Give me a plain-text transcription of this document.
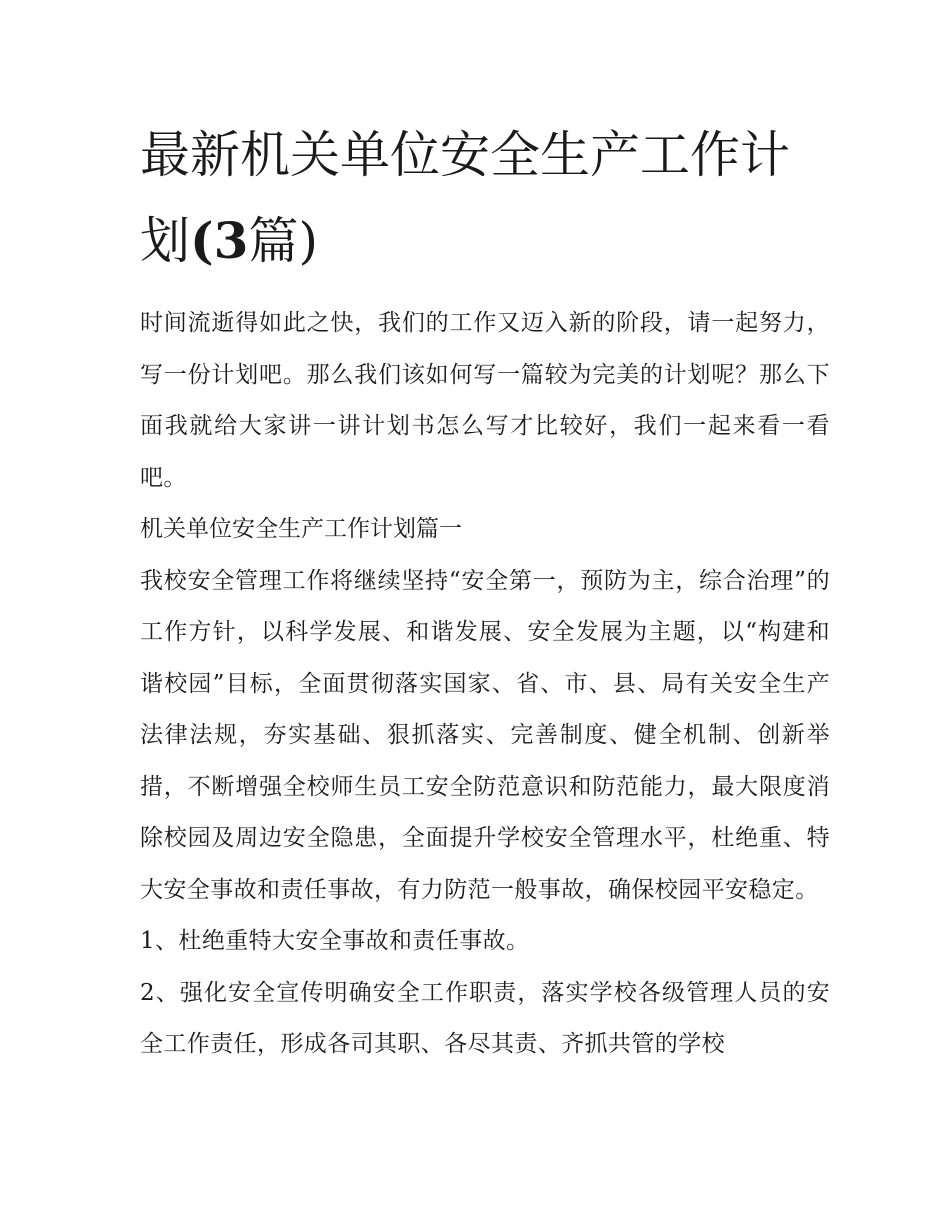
最新机关单位安全生产工作计划(3篇)

时间流逝得如此之快，我们的工作又迈入新的阶段，请一起努力，写一份计划吧。那么我们该如何写一篇较为完美的计划呢？那么下面我就给大家讲一讲计划书怎么写才比较好，我们一起来看一看吧。

机关单位安全生产工作计划篇一

我校安全管理工作将继续坚持“安全第一，预防为主，综合治理”的工作方针，以科学发展、和谐发展、安全发展为主题，以“构建和谐校园”目标，全面贯彻落实国家、省、市、县、局有关安全生产法律法规，夯实基础、狠抓落实、完善制度、健全机制、创新举措，不断增强全校师生员工安全防范意识和防范能力，最大限度消除校园及周边安全隐患，全面提升学校安全管理水平，杜绝重、特大安全事故和责任事故，有力防范一般事故，确保校园平安稳定。

1、杜绝重特大安全事故和责任事故。

2、强化安全宣传明确安全工作职责，落实学校各级管理人员的安全工作责任，形成各司其职、各尽其责、齐抓共管的学校
